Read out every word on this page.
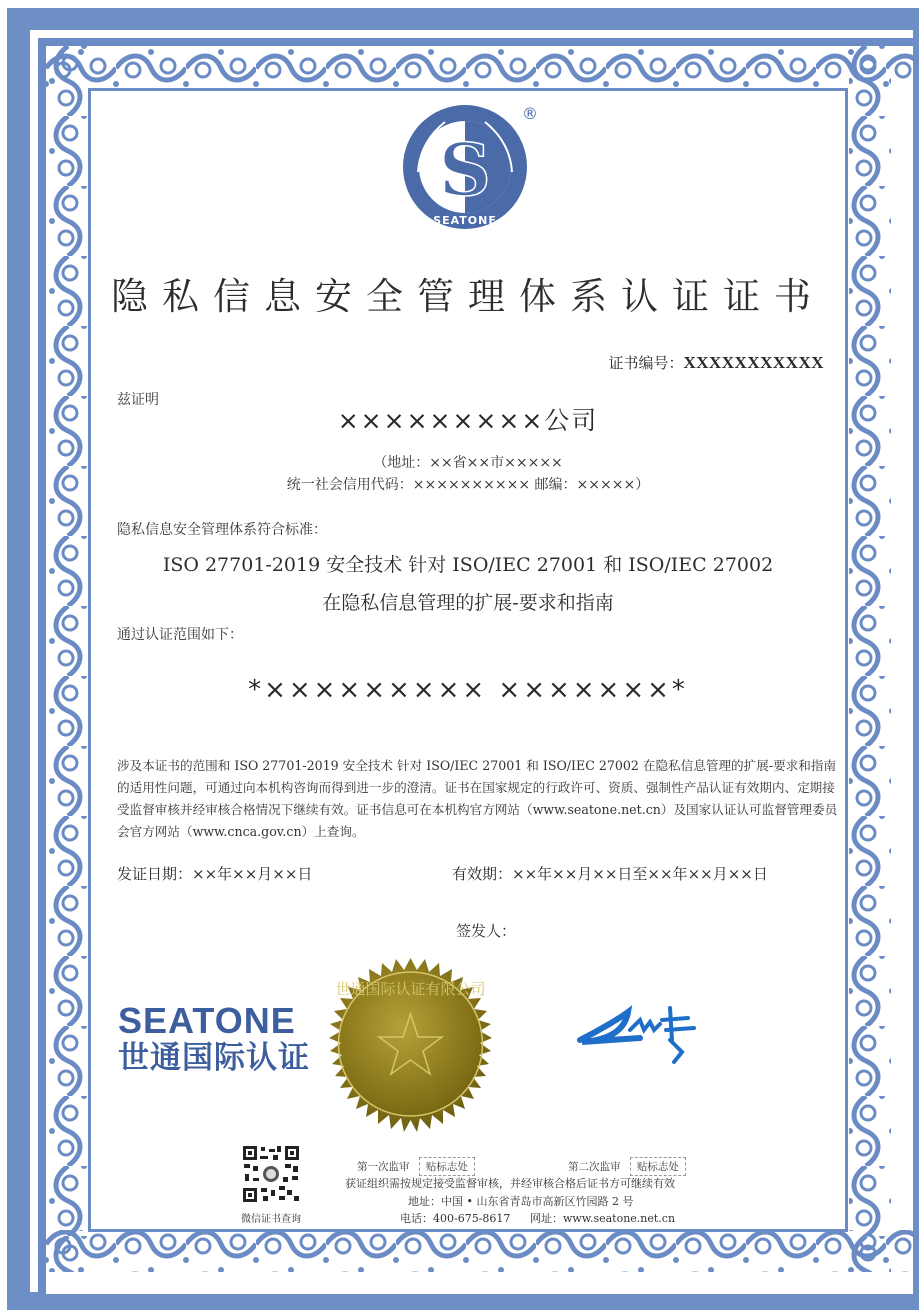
S
SEATONE
®
隐私信息安全管理体系认证证书
证书编号：XXXXXXXXXXX
兹证明
×××××××××公司
（地址：××省××市×××××
统一社会信用代码：×××××××××× 邮编：×××××）
隐私信息安全管理体系符合标准：
ISO 27701-2019 安全技术 针对 ISO/IEC 27001 和 ISO/IEC 27002
在隐私信息管理的扩展-要求和指南
通过认证范围如下：
*××××××××× ×××××××*
涉及本证书的范围和 ISO 27701-2019 安全技术 针对 ISO/IEC 27001 和 ISO/IEC 27002 在隐私信息管理的扩展-要求和指南的适用性问题，可通过向本机构咨询而得到进一步的澄清。证书在国家规定的行政许可、资质、强制性产品认证有效期内、定期接受监督审核并经审核合格情况下继续有效。证书信息可在本机构官方网站（www.seatone.net.cn）及国家认证认可监督管理委员会官方网站（www.cnca.gov.cn）上查询。
发证日期：××年××月××日	有效期：××年××月××日至××年××月××日
签发人：
SEATONE
世通国际认证
世通国际认证有限公司
微信证书查询
第一次监审 贴标志处	第二次监审 贴标志处
获证组织需按规定接受监督审核，并经审核合格后证书方可继续有效
地址：中国 • 山东省青岛市高新区竹园路 2 号
电话：400-675-8617 网址：www.seatone.net.cn
